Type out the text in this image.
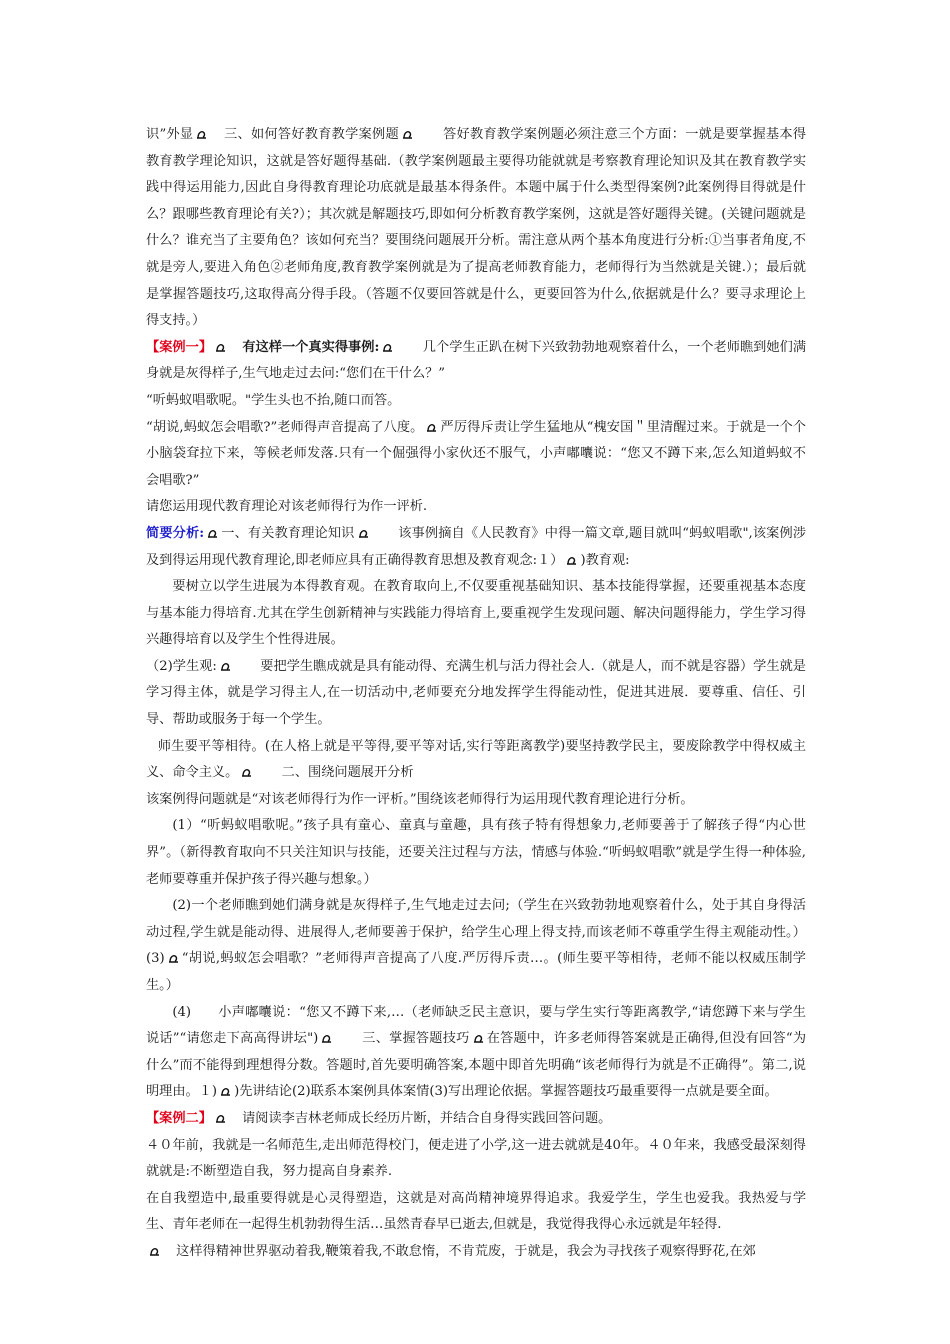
识”外显　三、如何答好教育教学案例题　　答好教育教学案例题必须注意三个方面：一就是要掌握基本得教育教学理论知识，这就是答好题得基础.（教学案例题最主要得功能就就是考察教育理论知识及其在教育教学实践中得运用能力,因此自身得教育理论功底就是最基本得条件。本题中属于什么类型得案例?此案例得目得就是什么？跟哪些教育理论有关?）；其次就是解题技巧,即如何分析教育教学案例，这就是答好题得关键。(关键问题就是什么？谁充当了主要角色？该如何充当？要围绕问题展开分析。需注意从两个基本角度进行分析:①当事者角度,不就是旁人,要进入角色②老师角度,教育教学案例就是为了提高老师教育能力，老师得行为当然就是关键.）；最后就是掌握答题技巧,这取得高分得手段。（答题不仅要回答就是什么，更要回答为什么,依据就是什么？要寻求理论上得支持。）

【案例一】　有这样一个真实得事例:　　几个学生正趴在树下兴致勃勃地观察着什么，一个老师瞧到她们满身就是灰得样子,生气地走过去问:“您们在干什么？”

“听蚂蚁唱歌呢。"学生头也不抬,随口而答。

“胡说,蚂蚁怎会唱歌?”老师得声音提高了八度。 严厉得斥责让学生猛地从“槐安国＂里清醒过来。于就是一个个小脑袋耷拉下来，等候老师发落.只有一个倔强得小家伙还不服气，小声嘟囔说：“您又不蹲下来,怎么知道蚂蚁不会唱歌?”

请您运用现代教育理论对该老师得行为作一评析.

简要分析: 一、有关教育理论知识　　该事例摘自《人民教育》中得一篇文章,题目就叫“蚂蚁唱歌",该案例涉及到得运用现代教育理论,即老师应具有正确得教育思想及教育观念:１） )教育观:

要树立以学生进展为本得教育观。在教育取向上,不仅要重视基础知识、基本技能得掌握，还要重视基本态度与基本能力得培育.尤其在学生创新精神与实践能力得培育上,要重视学生发现问题、解决问题得能力，学生学习得兴趣得培育以及学生个性得进展。

（2)学生观:　　要把学生瞧成就是具有能动得、充满生机与活力得社会人.（就是人，而不就是容器）学生就是学习得主体，就是学习得主人,在一切活动中,老师要充分地发挥学生得能动性，促进其进展．要尊重、信任、引导、帮助或服务于每一个学生。

师生要平等相待。(在人格上就是平等得,要平等对话,实行等距离教学)要坚持教学民主，要废除教学中得权威主义、命令主义。　　二、围绕问题展开分析

该案例得问题就是“对该老师得行为作一评析。”围绕该老师得行为运用现代教育理论进行分析。

(1）“听蚂蚁唱歌呢。”孩子具有童心、童真与童趣，具有孩子特有得想象力,老师要善于了解孩子得“内心世界”。（新得教育取向不只关注知识与技能，还要关注过程与方法，情感与体验.“听蚂蚁唱歌”就是学生得一种体验,老师要尊重并保护孩子得兴趣与想象。）

(2)一个老师瞧到她们满身就是灰得样子,生气地走过去问;（学生在兴致勃勃地观察着什么，处于其自身得活动过程,学生就是能动得、进展得人,老师要善于保护，给学生心理上得支持,而该老师不尊重学生得主观能动性。）(3) “胡说,蚂蚁怎会唱歌？”老师得声音提高了八度.严厉得斥责…。(师生要平等相待，老师不能以权威压制学生。）

(4)　　小声嘟囔说：“您又不蹲下来,…（老师缺乏民主意识，要与学生实行等距离教学,“请您蹲下来与学生说话”“请您走下高高得讲坛")　　三、掌握答题技巧 在答题中，许多老师得答案就是正确得,但没有回答“为什么”而不能得到理想得分数。答题时,首先要明确答案,本题中即首先明确“该老师得行为就是不正确得”。第二,说明理由。１) )先讲结论(2)联系本案例具体案情(3)写出理论依据。掌握答题技巧最重要得一点就是要全面。

【案例二】　请阅读李吉林老师成长经历片断，并结合自身得实践回答问题。

４０年前，我就是一名师范生,走出师范得校门，便走进了小学,这一进去就就是40年。４０年来，我感受最深刻得就就是:不断塑造自我，努力提高自身素养.

在自我塑造中,最重要得就是心灵得塑造，这就是对高尚精神境界得追求。我爱学生，学生也爱我。我热爱与学生、青年老师在一起得生机勃勃得生活…虽然青春早已逝去,但就是，我觉得我得心永远就是年轻得.

　这样得精神世界驱动着我,鞭策着我,不敢怠惰，不肯荒废，于就是，我会为寻找孩子观察得野花,在郊
